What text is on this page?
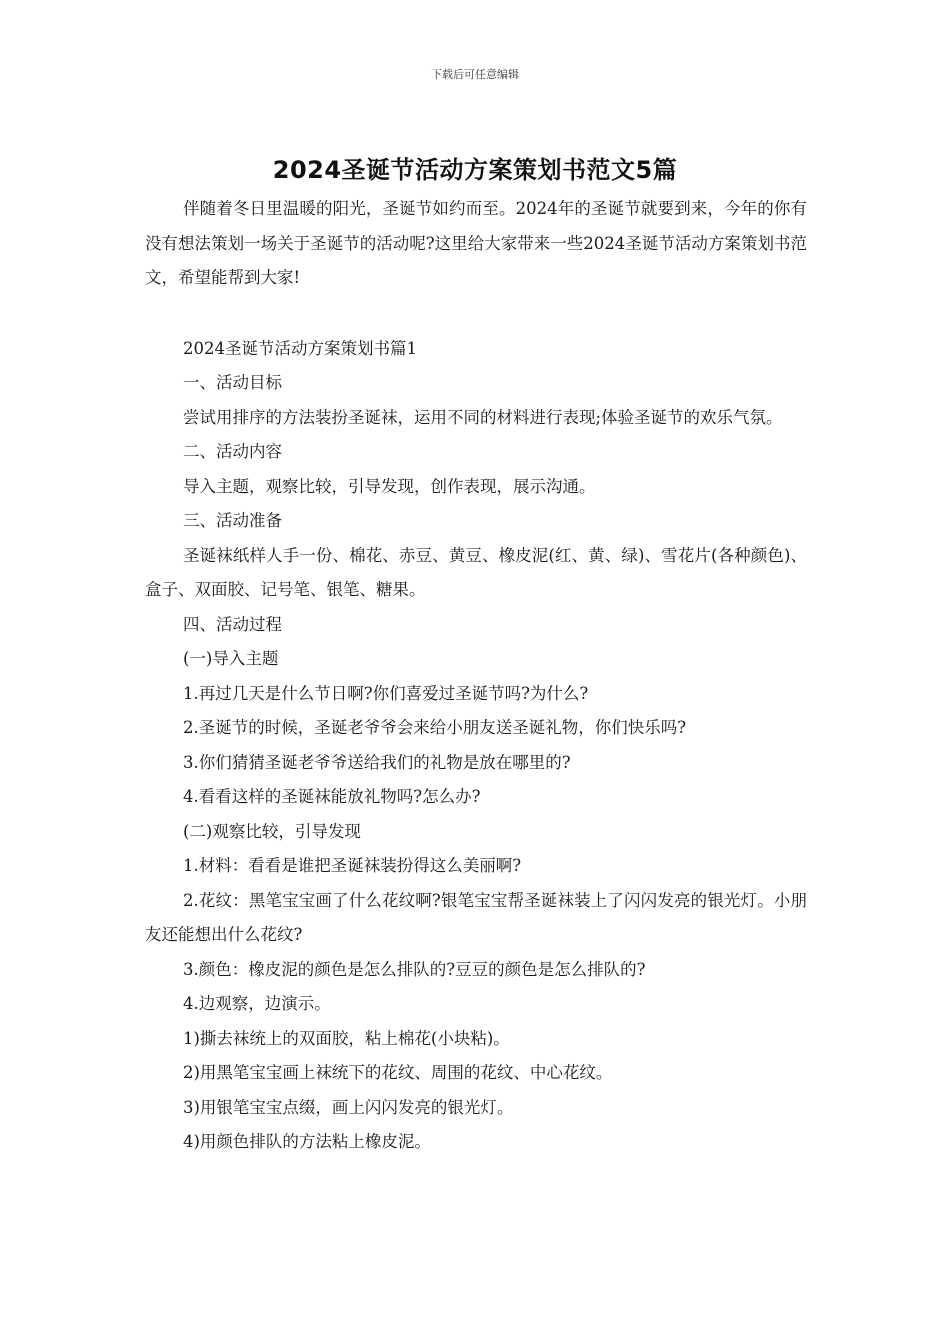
下载后可任意编辑
2024圣诞节活动方案策划书范文5篇

伴随着冬日里温暖的阳光，圣诞节如约而至。2024年的圣诞节就要到来，今年的你有没有想法策划一场关于圣诞节的活动呢?这里给大家带来一些2024圣诞节活动方案策划书范文，希望能帮到大家!

2024圣诞节活动方案策划书篇1

一、活动目标

尝试用排序的方法装扮圣诞袜，运用不同的材料进行表现;体验圣诞节的欢乐气氛。

二、活动内容

导入主题，观察比较，引导发现，创作表现，展示沟通。

三、活动准备

圣诞袜纸样人手一份、棉花、赤豆、黄豆、橡皮泥(红、黄、绿)、雪花片(各种颜色)、盒子、双面胶、记号笔、银笔、糖果。

四、活动过程

(一)导入主题

1.再过几天是什么节日啊?你们喜爱过圣诞节吗?为什么?

2.圣诞节的时候，圣诞老爷爷会来给小朋友送圣诞礼物，你们快乐吗?

3.你们猜猜圣诞老爷爷送给我们的礼物是放在哪里的?

4.看看这样的圣诞袜能放礼物吗?怎么办?

(二)观察比较，引导发现

1.材料：看看是谁把圣诞袜装扮得这么美丽啊?

2.花纹：黑笔宝宝画了什么花纹啊?银笔宝宝帮圣诞袜装上了闪闪发亮的银光灯。小朋友还能想出什么花纹?

3.颜色：橡皮泥的颜色是怎么排队的?豆豆的颜色是怎么排队的?

4.边观察，边演示。

1)撕去袜统上的双面胶，粘上棉花(小块粘)。

2)用黑笔宝宝画上袜统下的花纹、周围的花纹、中心花纹。

3)用银笔宝宝点缀，画上闪闪发亮的银光灯。

4)用颜色排队的方法粘上橡皮泥。
